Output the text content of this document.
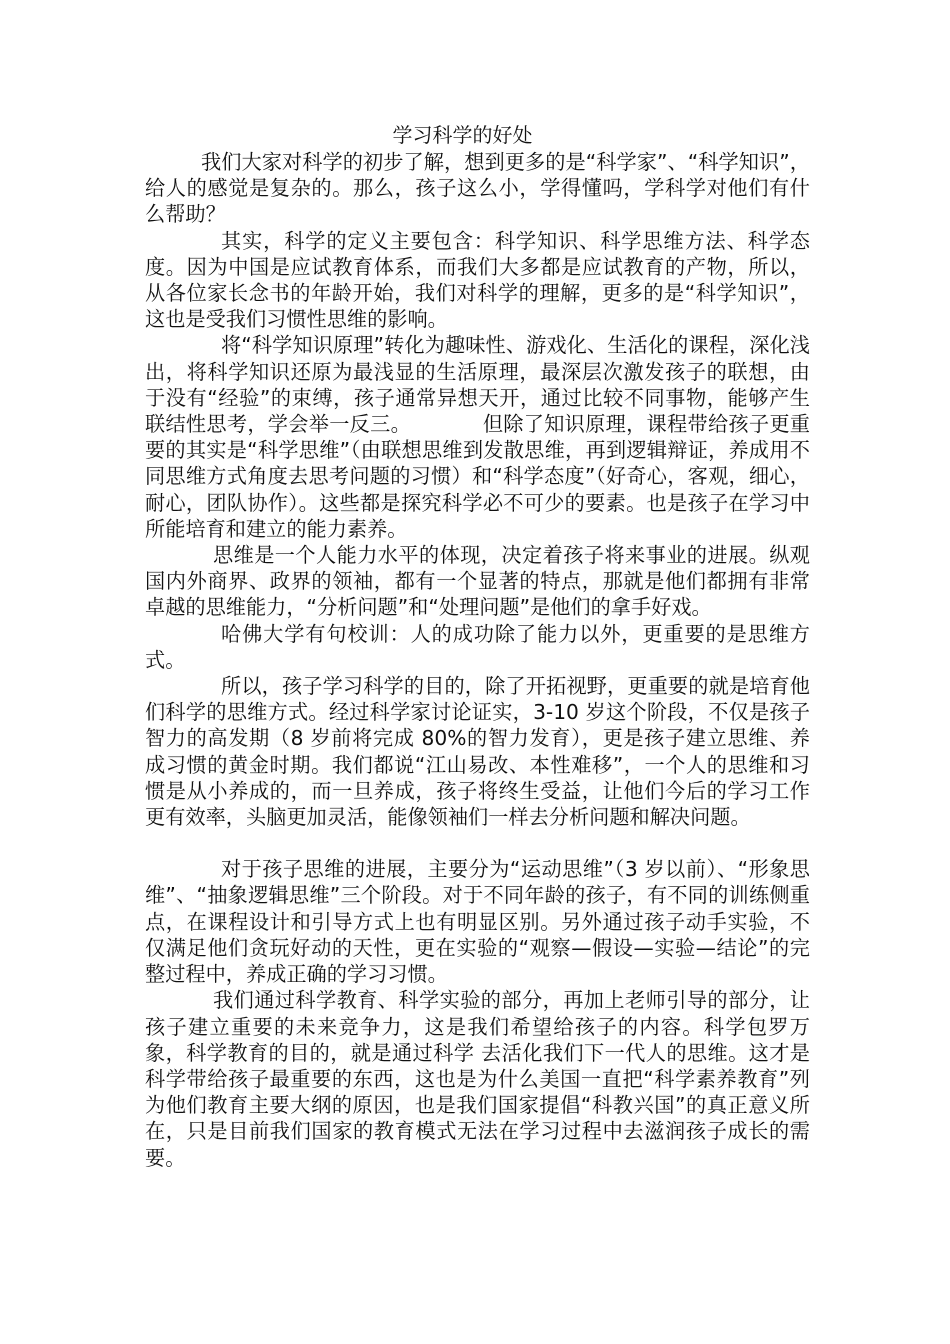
学习科学的好处

我们大家对科学的初步了解，想到更多的是“科学家”、“科学知识”，给人的感觉是复杂的。那么，孩子这么小，学得懂吗，学科学对他们有什么帮助？

其实，科学的定义主要包含：科学知识、科学思维方法、科学态度。因为中国是应试教育体系，而我们大多都是应试教育的产物，所以，从各位家长念书的年龄开始，我们对科学的理解，更多的是“科学知识”，这也是受我们习惯性思维的影响。

将“科学知识原理”转化为趣味性、游戏化、生活化的课程，深化浅出，将科学知识还原为最浅显的生活原理，最深层次激发孩子的联想，由于没有“经验”的束缚，孩子通常异想天开，通过比较不同事物，能够产生联结性思考，学会举一反三。　　　　但除了知识原理，课程带给孩子更重要的其实是“科学思维”（由联想思维到发散思维，再到逻辑辩证，养成用不同思维方式角度去思考问题的习惯）和“科学态度”（好奇心，客观，细心，耐心，团队协作）。这些都是探究科学必不可少的要素。也是孩子在学习中所能培育和建立的能力素养。

思维是一个人能力水平的体现，决定着孩子将来事业的进展。纵观国内外商界、政界的领袖，都有一个显著的特点，那就是他们都拥有非常卓越的思维能力，“分析问题”和“处理问题”是他们的拿手好戏。

哈佛大学有句校训：人的成功除了能力以外，更重要的是思维方式。

所以，孩子学习科学的目的，除了开拓视野，更重要的就是培育他们科学的思维方式。经过科学家讨论证实，3-10 岁这个阶段，不仅是孩子智力的高发期（8 岁前将完成 80%的智力发育），更是孩子建立思维、养成习惯的黄金时期。我们都说“江山易改、本性难移”，一个人的思维和习惯是从小养成的，而一旦养成，孩子将终生受益，让他们今后的学习工作更有效率，头脑更加灵活，能像领袖们一样去分析问题和解决问题。

对于孩子思维的进展，主要分为“运动思维”（3 岁以前）、“形象思维”、“抽象逻辑思维”三个阶段。对于不同年龄的孩子，有不同的训练侧重点，在课程设计和引导方式上也有明显区别。另外通过孩子动手实验，不仅满足他们贪玩好动的天性，更在实验的“观察—假设—实验—结论”的完整过程中，养成正确的学习习惯。

我们通过科学教育、科学实验的部分，再加上老师引导的部分，让孩子建立重要的未来竞争力，这是我们希望给孩子的内容。科学包罗万象，科学教育的目的，就是通过科学 去活化我们下一代人的思维。这才是科学带给孩子最重要的东西，这也是为什么美国一直把“科学素养教育”列为他们教育主要大纲的原因，也是我们国家提倡“科教兴国”的真正意义所在，只是目前我们国家的教育模式无法在学习过程中去滋润孩子成长的需要。
